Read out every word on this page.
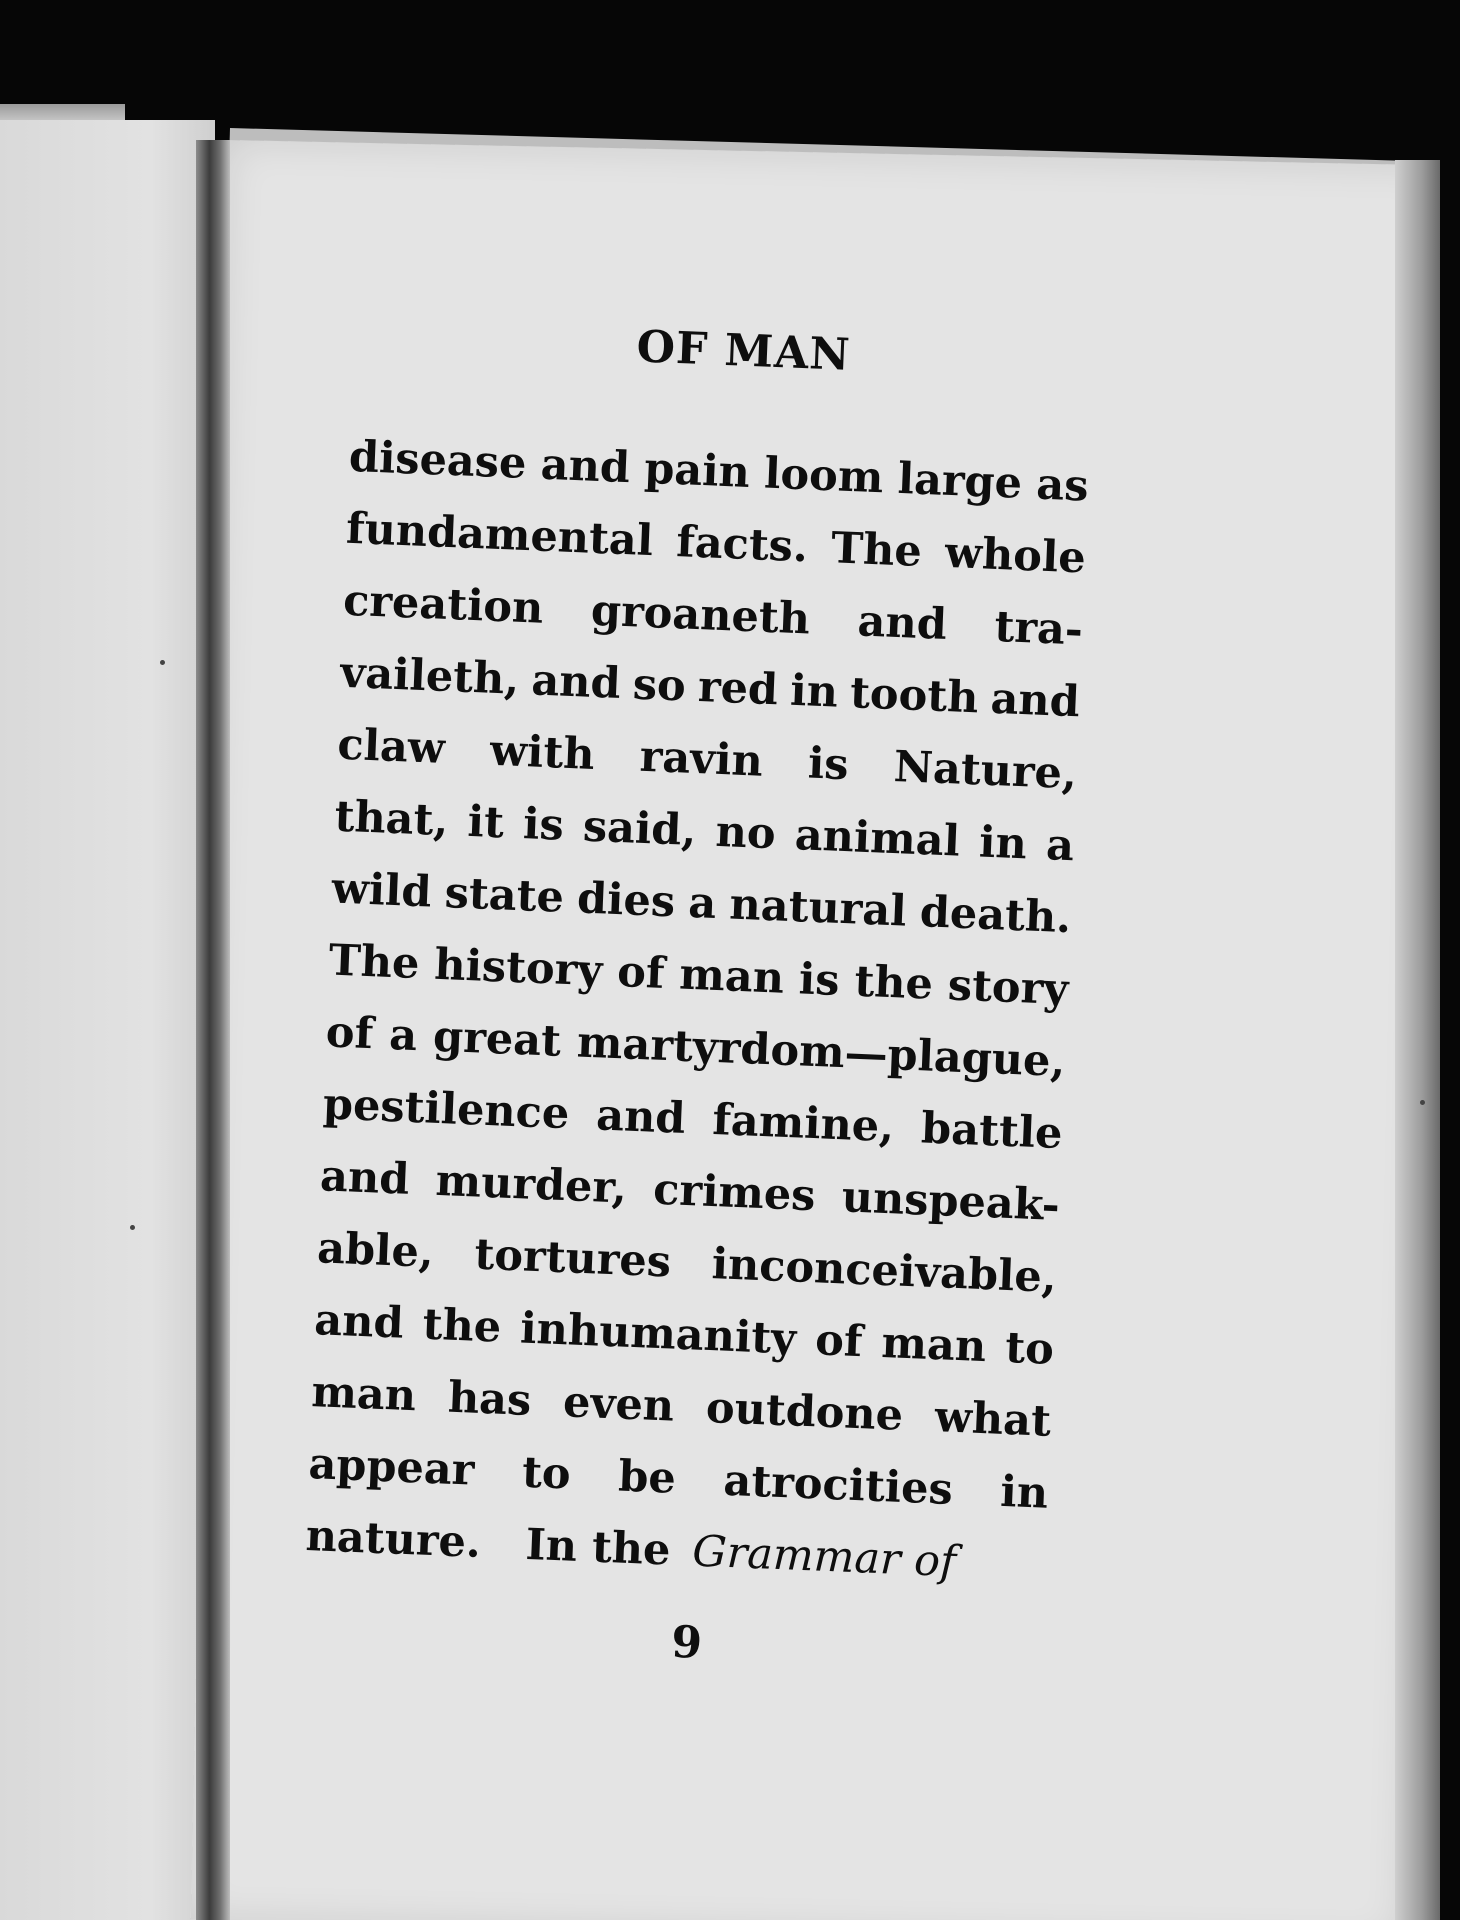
OF MAN
disease and pain loom large as
fundamental facts. The whole
creation groaneth and tra-
vaileth, and so red in tooth and
claw with ravin is Nature,
that, it is said, no animal in a
wild state dies a natural death.
The history of man is the story
of a great martyrdom—plague,
pestilence and famine, battle
and murder, crimes unspeak-
able, tortures inconceivable,
and the inhumanity of man to
man has even outdone what
appear to be atrocities in
nature.   In the Grammar of
9
